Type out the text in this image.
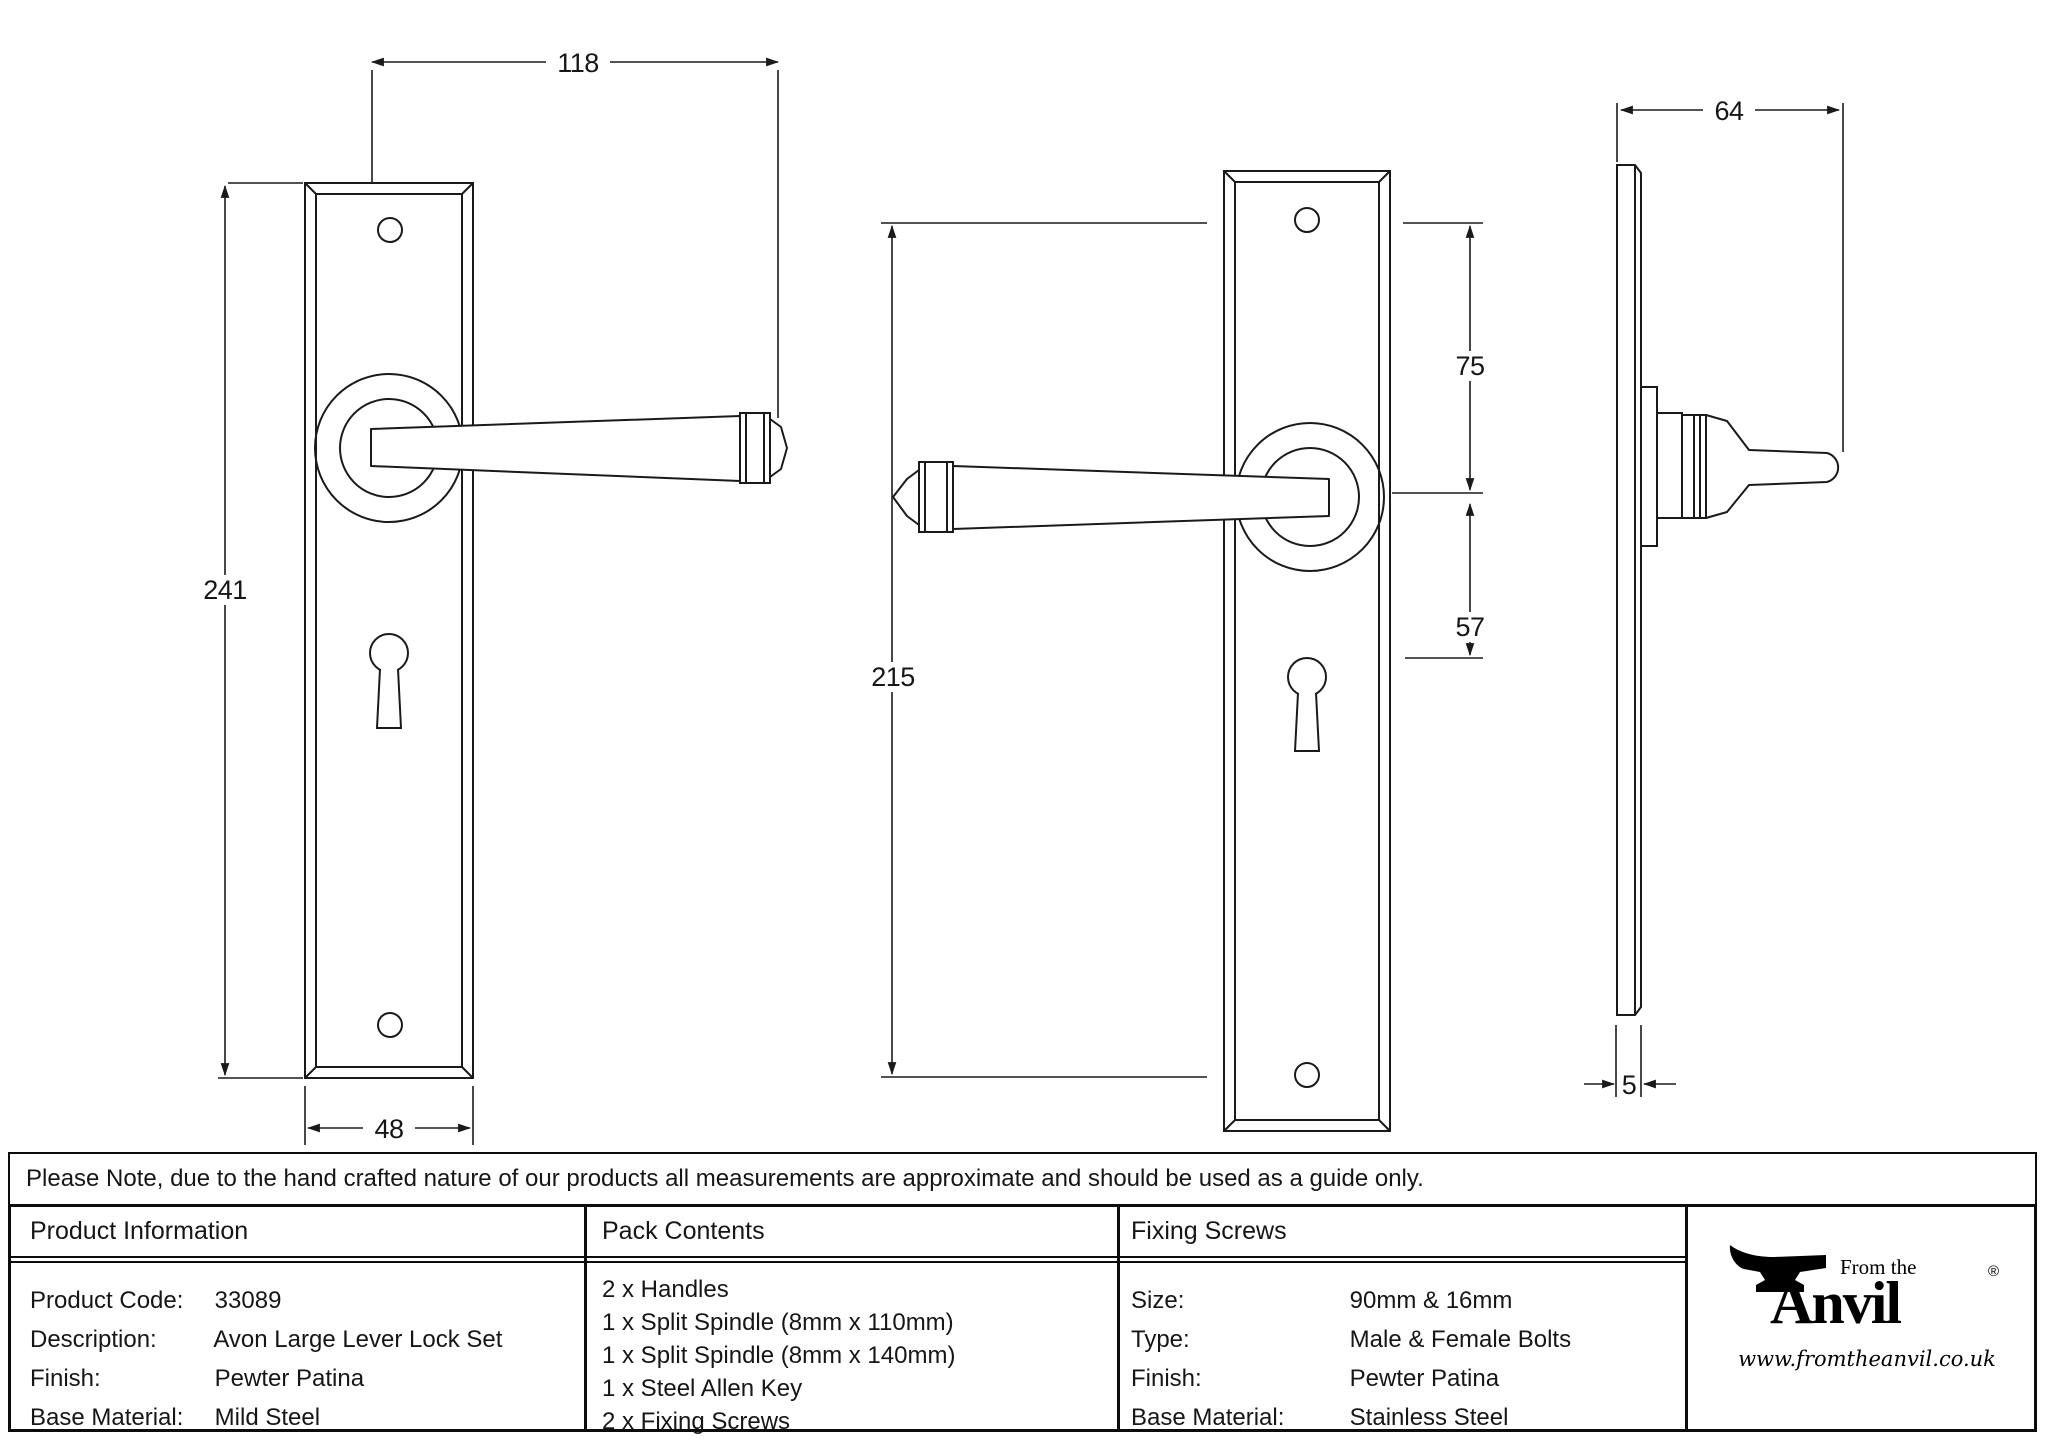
118
241
48
215
75
57
64
5
Please Note, due to the hand crafted nature of our products all measurements are approximate and should be used as a guide only.
Product Information	Pack Contents	Fixing Screws
Product Code: 33089
Description: Avon Large Lever Lock Set
Finish:	Pewter Patina
Base Material: Mild Steel
2 x Handles
1 x Split Spindle (8mm x 110mm)
1 x Split Spindle (8mm x 140mm)
1 x Steel Allen Key
2 x Fixing Screws
Size:	90mm & 16mm
Type:	Male & Female Bolts
Finish:	Pewter Patina
Base Material:	Stainless Steel
From the
Anvil	®
www.fromtheanvil.co.uk
